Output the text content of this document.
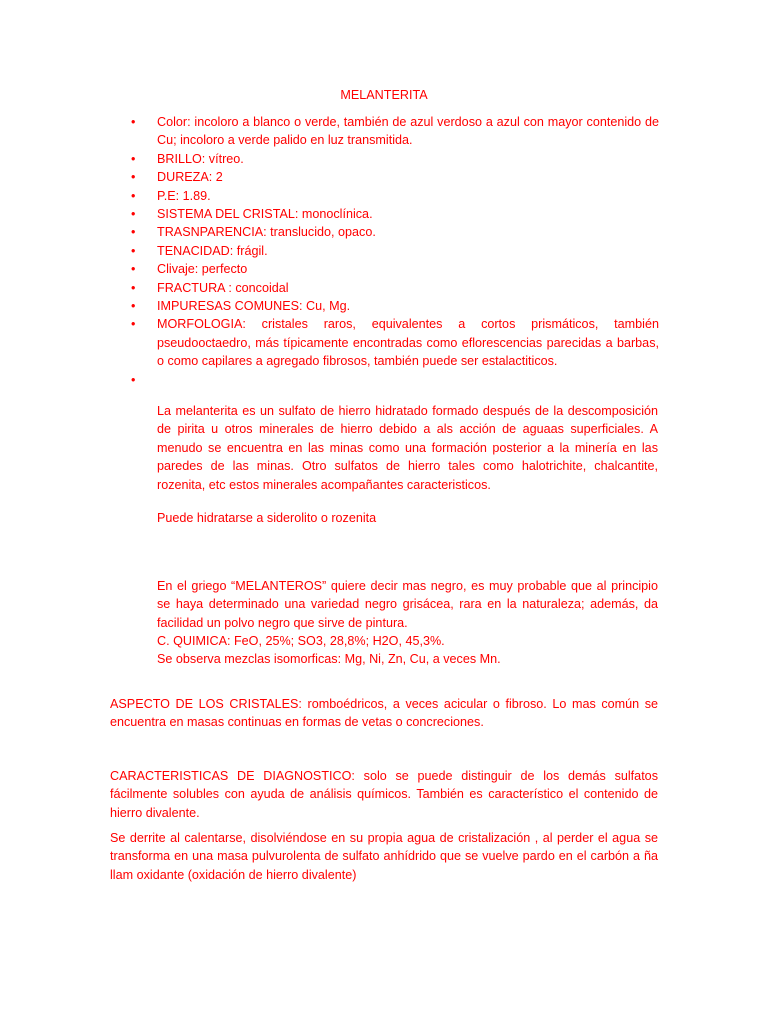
MELANTERITA
• Color: incoloro a blanco o verde, también de azul verdoso a azul con mayor contenido de Cu; incoloro a verde palido en luz transmitida.
• BRILLO: vítreo.
• DUREZA: 2
• P.E: 1.89.
• SISTEMA DEL CRISTAL: monoclínica.
• TRASNPARENCIA: translucido, opaco.
• TENACIDAD: frágil.
• Clivaje: perfecto
• FRACTURA : concoidal
• IMPURESAS COMUNES: Cu, Mg.
• MORFOLOGIA: cristales raros, equivalentes a cortos prismáticos, también pseudooctaedro, más típicamente encontradas como eflorescencias parecidas a barbas, o como capilares a agregado fibrosos, también puede ser estalactiticos.
•

La melanterita es un sulfato de hierro hidratado formado después de la descomposición de pirita u otros minerales de hierro debido a als acción de aguaas superficiales. A menudo se encuentra en las minas como una formación posterior a la minería en las paredes de las minas. Otro sulfatos de hierro tales como halotrichite, chalcantite, rozenita, etc estos minerales acompañantes caracteristicos.

Puede hidratarse a siderolito o rozenita

En el griego “MELANTEROS” quiere decir mas negro, es muy probable que al principio se haya determinado una variedad negro grisácea, rara en la naturaleza; además, da facilidad un polvo negro que sirve de pintura.

C. QUIMICA: FeO, 25%; SO3, 28,8%; H2O, 45,3%.

Se observa mezclas isomorficas: Mg, Ni, Zn, Cu, a veces Mn.

ASPECTO DE LOS CRISTALES: romboédricos, a veces acicular o fibroso. Lo mas común se encuentra en masas continuas en formas de vetas o concreciones.

CARACTERISTICAS DE DIAGNOSTICO: solo se puede distinguir de los demás sulfatos fácilmente solubles con ayuda de análisis químicos. También es característico el contenido de hierro divalente.

Se derrite al calentarse, disolviéndose en su propia agua de cristalización , al perder el agua se transforma en una masa pulvurolenta de sulfato anhídrido que se vuelve pardo en el carbón a ña llam oxidante (oxidación de hierro divalente)
